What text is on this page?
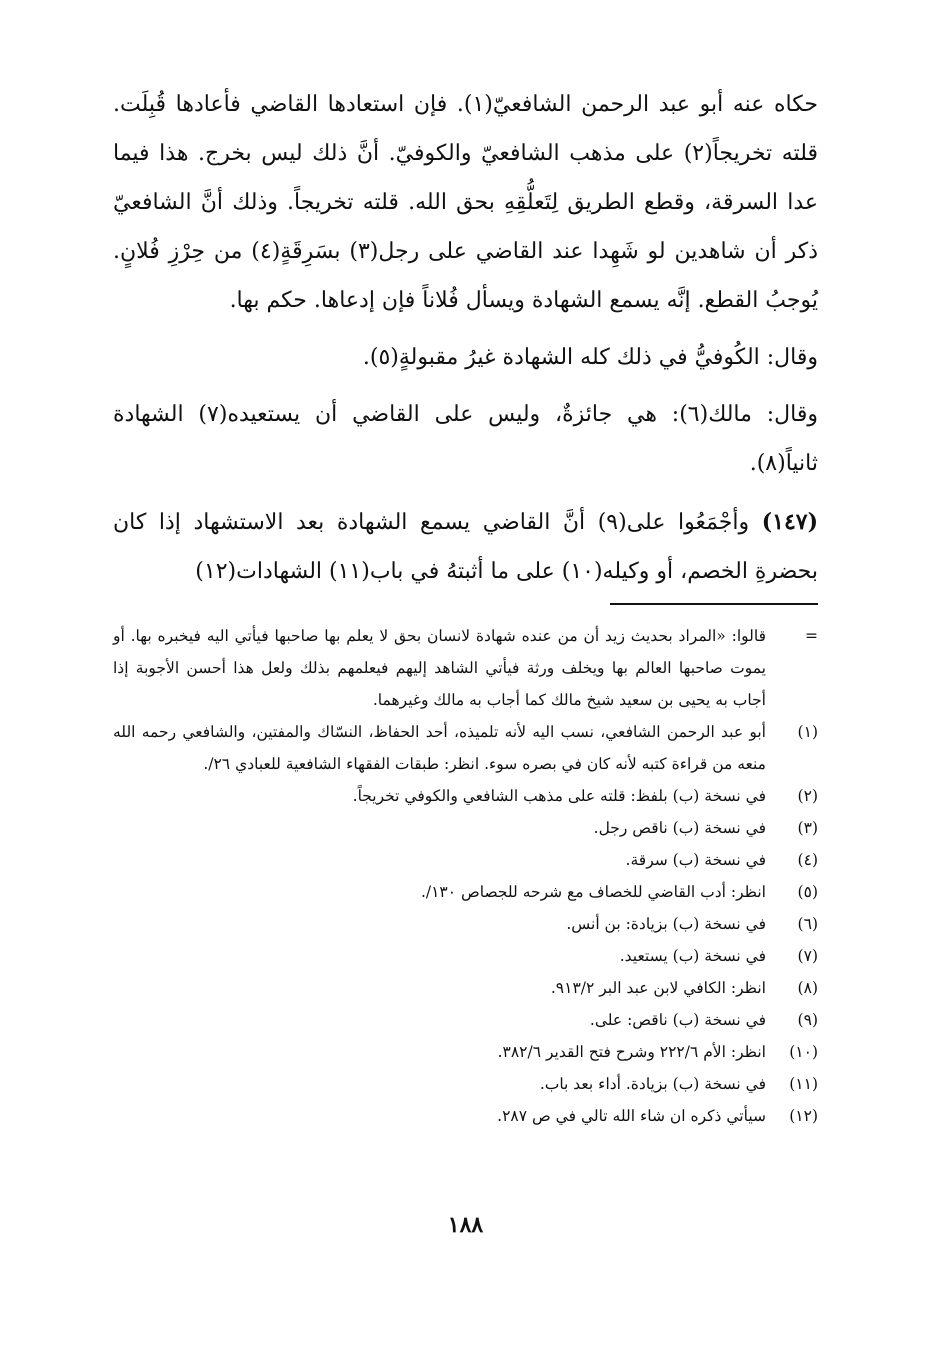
حكاه عنه أبو عبد الرحمن الشافعيّ(١). فإن استعادها القاضي فأعادها قُبِلَت. قلته تخريجاً(٢) على مذهب الشافعيّ والكوفيّ. أنَّ ذلك ليس بخرج. هذا فيما عدا السرقة، وقطع الطريق لِتَعلُّقِهِ بحق الله. قلته تخريجاً. وذلك أنَّ الشافعيّ ذكر أن شاهدين لو شَهِدا عند القاضي على رجل(٣) بسَرِقَةٍ(٤) من حِرْزِ فُلانٍ. يُوجبُ القطع. إنَّه يسمع الشهادة ويسأل فُلاناً فإن إدعاها. حكم بها.

وقال: الكُوفيُّ في ذلك كله الشهادة غيرُ مقبولةٍ(٥).

وقال: مالك(٦): هي جائزةٌ، وليس على القاضي أن يستعيده(٧) الشهادة ثانياً(٨).

(١٤٧) وأجْمَعُوا على(٩) أنَّ القاضي يسمع الشهادة بعد الاستشهاد إذا كان بحضرةِ الخصم، أو وكيله(١٠) على ما أثبتهُ في باب(١١) الشهادات(١٢)

=
قالوا: «المراد بحديث زيد أن من عنده شهادة لانسان بحق لا يعلم بها صاحبها فيأتي اليه فيخبره بها. أو يموت صاحبها العالم بها ويخلف ورثة فيأتي الشاهد إليهم فيعلمهم بذلك ولعل هذا أحسن الأجوبة إذا أجاب به يحيى بن سعيد شيخ مالك كما أجاب به مالك وغيرهما.
(١)
أبو عبد الرحمن الشافعي، نسب اليه لأنه تلميذه، أحد الحفاظ، النسّاك والمفتين، والشافعي رحمه الله منعه من قراءة كتبه لأنه كان في بصره سوء. انظر: طبقات الفقهاء الشافعية للعبادي ٢٦/.
(٢)
في نسخة (ب) بلفظ: قلته على مذهب الشافعي والكوفي تخريجاً.
(٣)
في نسخة (ب) ناقص رجل.
(٤)
في نسخة (ب) سرقة.
(٥)
انظر: أدب القاضي للخصاف مع شرحه للجصاص ١٣٠/.
(٦)
في نسخة (ب) بزيادة: بن أنس.
(٧)
في نسخة (ب) يستعيد.
(٨)
انظر: الكافي لابن عبد البر ٩١٣/٢.
(٩)
في نسخة (ب) ناقص: على.
(١٠)
انظر: الأم ٢٢٢/٦ وشرح فتح القدير ٣٨٢/٦.
(١١)
في نسخة (ب) بزيادة. أداء بعد باب.
(١٢)
سيأتي ذكره ان شاء الله تالي في ص ٢٨٧.
١٨٨
